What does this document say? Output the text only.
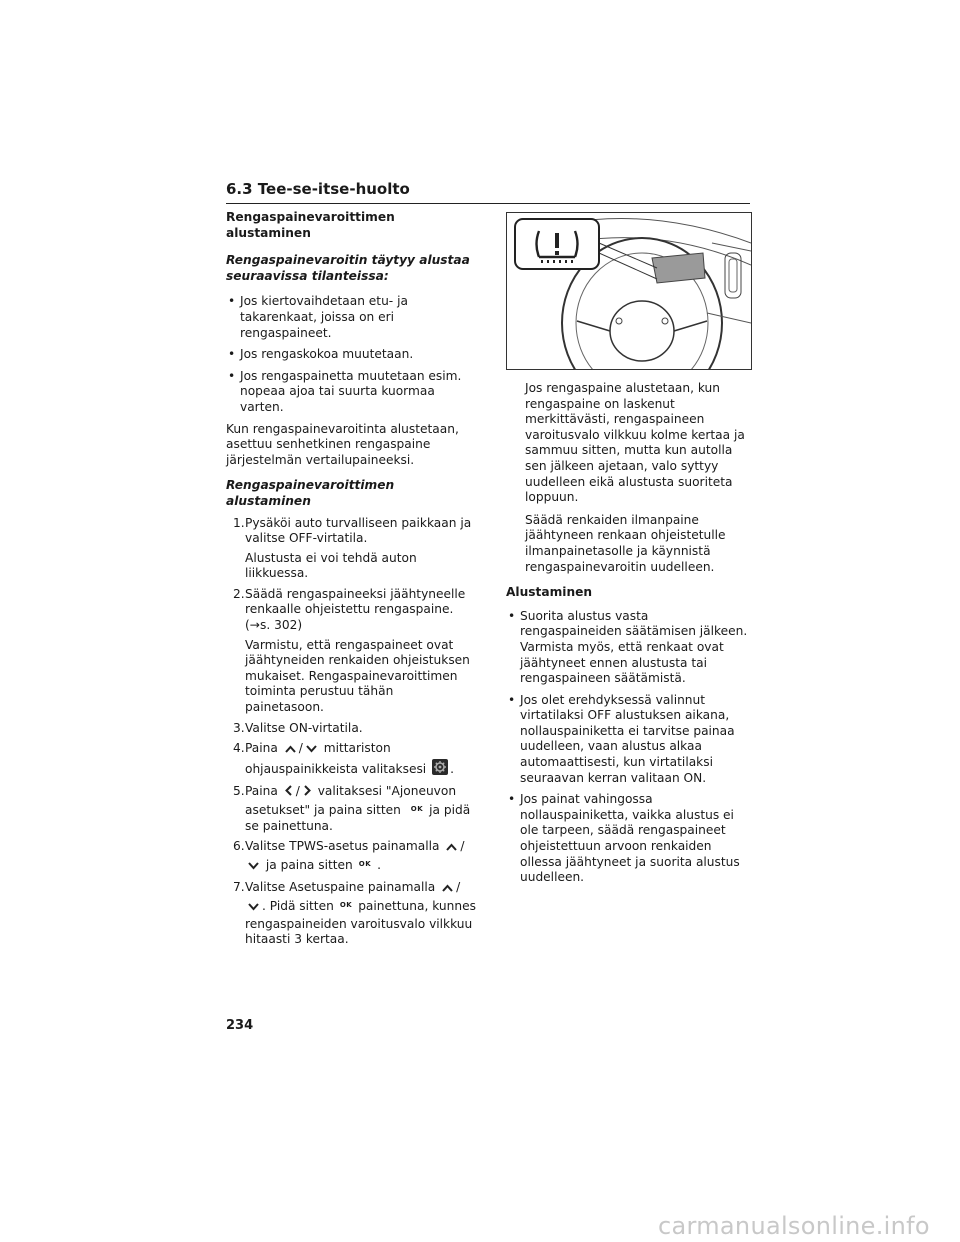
6.3 Tee-se-itse-huolto
Rengaspainevaroittimen alustaminen
Rengaspainevaroitin täytyy alustaa seuraavissa tilanteissa:
• Jos kiertovaihdetaan etu- ja takarenkaat, joissa on eri rengaspaineet.
• Jos rengaskokoa muutetaan.
• Jos rengaspainetta muutetaan esim. nopeaa ajoa tai suurta kuormaa varten.

Kun rengaspainevaroitinta alustetaan, asettuu senhetkinen rengaspaine järjestelmän vertailupaineeksi.

Rengaspainevaroittimen alustaminen
1. Pysäköi auto turvalliseen paikkaan ja valitse OFF-virtatila.
Alustusta ei voi tehdä auton liikkuessa.
2. Säädä rengaspaineeksi jäähtyneelle renkaalle ohjeistettu rengaspaine.
(→s. 302)
Varmistu, että rengaspaineet ovat jäähtyneiden renkaiden ohjeistuksen mukaiset. Rengaspainevaroittimen toiminta perustuu tähän painetasoon.
3. Valitse ON-virtatila.
4. Paina / mittariston ohjauspainikkeista valitaksesi .
5. Paina / valitaksesi "Ajoneuvon asetukset" ja paina sitten $^{OK}$ ja pidä se painettuna.
6. Valitse TPWS-asetus painamalla /  ja paina sitten $^{OK}$ .
7. Valitse Asetuspaine painamalla / . Pidä sitten $^{OK}$ painettuna, kunnes rengaspaineiden varoitusvalo vilkkuu hitaasti 3 kertaa.

Jos rengaspaine alustetaan, kun rengaspaine on laskenut merkittävästi, rengaspaineen varoitusvalo vilkkuu kolme kertaa ja sammuu sitten, mutta kun autolla sen jälkeen ajetaan, valo syttyy uudelleen eikä alustusta suoriteta loppuun.

Säädä renkaiden ilmanpaine jäähtyneen renkaan ohjeistetulle ilmanpainetasolle ja käynnistä rengaspainevaroitin uudelleen.

Alustaminen
• Suorita alustus vasta rengaspaineiden säätämisen jälkeen. Varmista myös, että renkaat ovat jäähtyneet ennen alustusta tai rengaspaineen säätämistä.
• Jos olet erehdyksessä valinnut virtatilaksi OFF alustuksen aikana, nollauspainiketta ei tarvitse painaa uudelleen, vaan alustus alkaa automaattisesti, kun virtatilaksi seuraavan kerran valitaan ON.
• Jos painat vahingossa nollauspainiketta, vaikka alustus ei ole tarpeen, säädä rengaspaineet ohjeistettuun arvoon renkaiden ollessa jäähtyneet ja suorita alustus uudelleen.
234
carmanualsonline.info
